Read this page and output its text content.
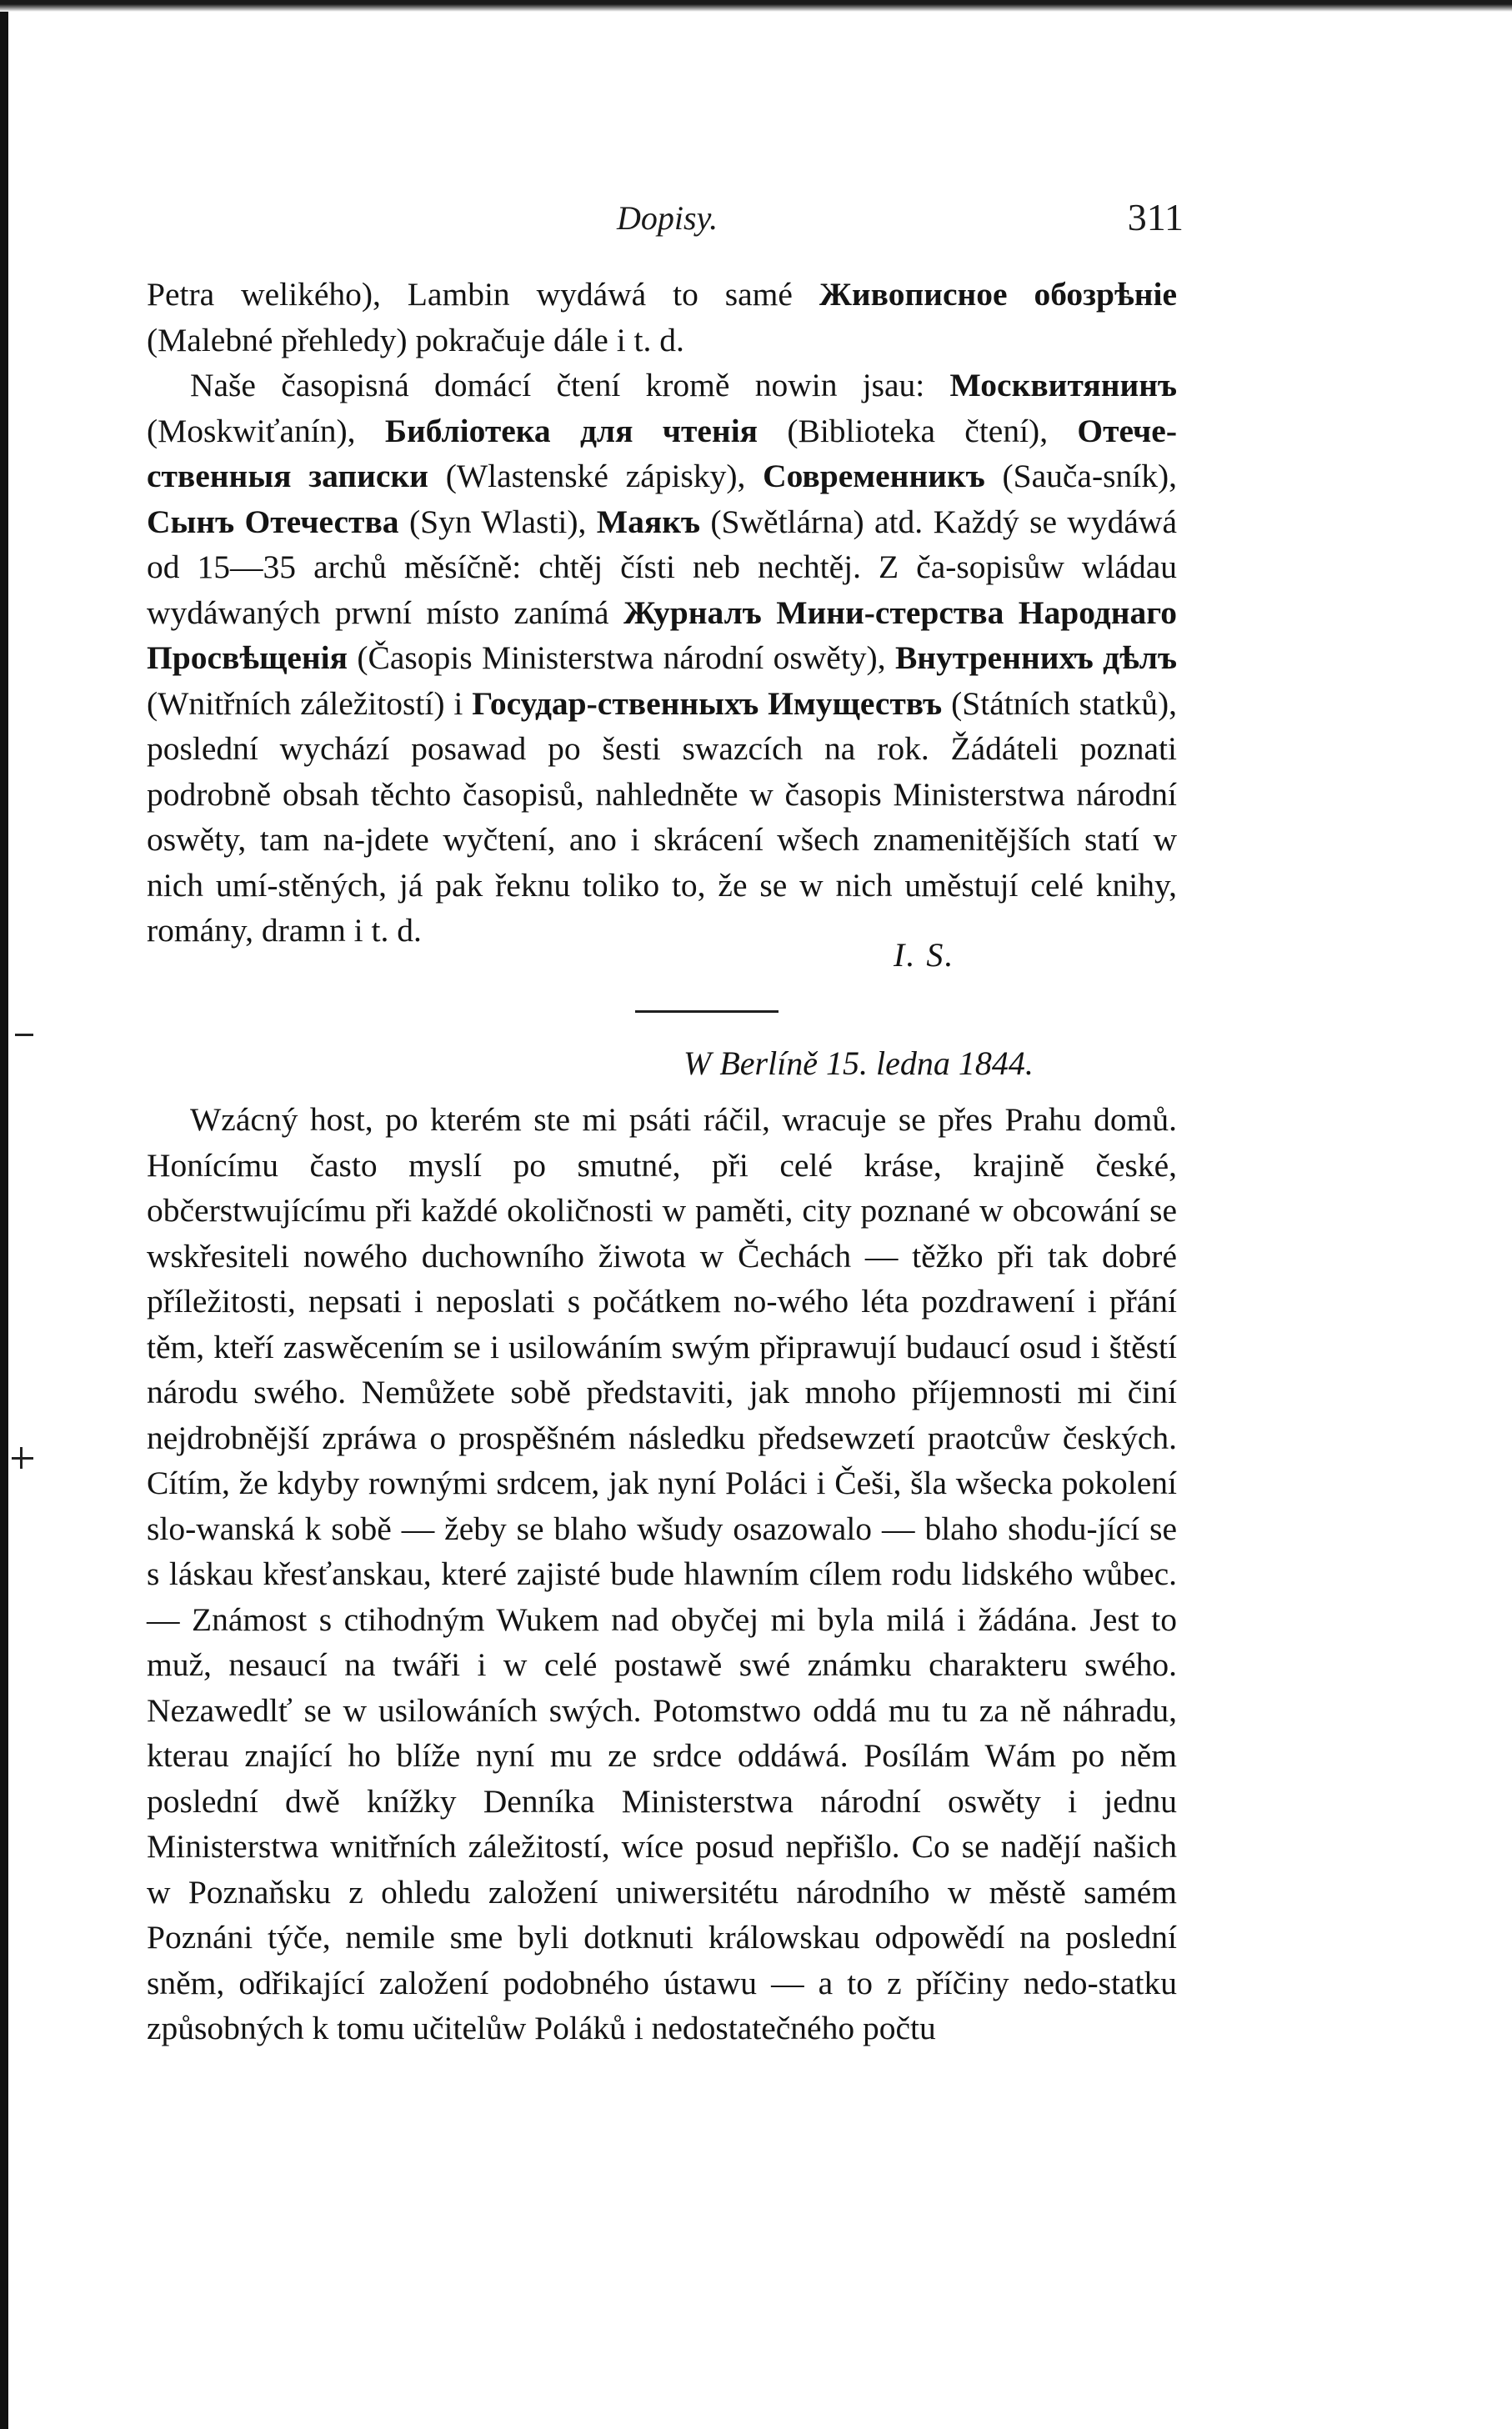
Dopisy.	311

Petra welikého), Lambin wydáwá to samé Живописное обозрѣніе (Malebné přehledy) pokračuje dále i t. d.

Naše časopisná domácí čtení kromě nowin jsau: Москвитянинъ (Moskwiťanín), Библіотека для чтенія (Biblioteka čtení), Отече-ственныя записки (Wlastenské zápisky), Современникъ (Sauča-sník), Сынъ Отечества (Syn Wlasti), Маякъ (Swětlárna) atd. Každý se wydáwá od 15—35 archů měsíčně: chtěj čísti neb nechtěj. Z ča-sopisůw wládau wydáwaných prwní místo zanímá Журналъ Мини-стерства Народнаго Просвѣщенія (Časopis Ministerstwa národní oswěty), Внутреннихъ дѣлъ (Wnitřních záležitostí) i Государ-ственныхъ Имуществъ (Státních statků), poslední wychází posawad po šesti swazcích na rok. Žádáteli poznati podrobně obsah těchto časopisů, nahledněte w časopis Ministerstwa národní oswěty, tam na-jdete wyčtení, ano i skrácení wšech znamenitějších statí w nich umí-stěných, já pak řeknu toliko to, že se w nich uměstují celé knihy, romány, dramn i t. d.

I. S.
W Berlíně 15. ledna 1844.

Wzácný host, po kterém ste mi psáti ráčil, wracuje se přes Prahu domů. Honícímu často myslí po smutné, při celé kráse, krajině české, občerstwujícímu při každé okoličnosti w paměti, city poznané w obcowání se wskřesiteli nowého duchowního žiwota w Čechách — těžko při tak dobré příležitosti, nepsati i neposlati s počátkem no-wého léta pozdrawení i přání těm, kteří zaswěcením se i usilowáním swým připrawují budaucí osud i štěstí národu swého. Nemůžete sobě představiti, jak mnoho příjemnosti mi činí nejdrobnější zpráwa o prospěšném následku předsewzetí praotcůw českých. Cítím, že kdyby rownými srdcem, jak nyní Poláci i Češi, šla wšecka pokolení slo-wanská k sobě — žeby se blaho wšudy osazowalo — blaho shodu-jící se s láskau křesťanskau, které zajisté bude hlawním cílem rodu lidského wůbec. — Známost s ctihodným Wukem nad obyčej mi byla milá i žádána. Jest to muž, nesaucí na twáři i w celé postawě swé známku charakteru swého. Nezawedlť se w usilowáních swých. Potomstwo oddá mu tu za ně náhradu, kterau znající ho blíže nyní mu ze srdce oddáwá. Posílám Wám po něm poslední dwě knížky Denníka Ministerstwa národní oswěty i jednu Ministerstwa wnitřních záležitostí, wíce posud nepřišlo. Co se nadějí našich w Poznaňsku z ohledu založení uniwersitétu národního w městě samém Poznáni týče, nemile sme byli dotknuti králowskau odpowědí na poslední sněm, odřikající založení podobného ústawu — a to z příčiny nedo-statku způsobných k tomu učitelůw Poláků i nedostatečného počtu
